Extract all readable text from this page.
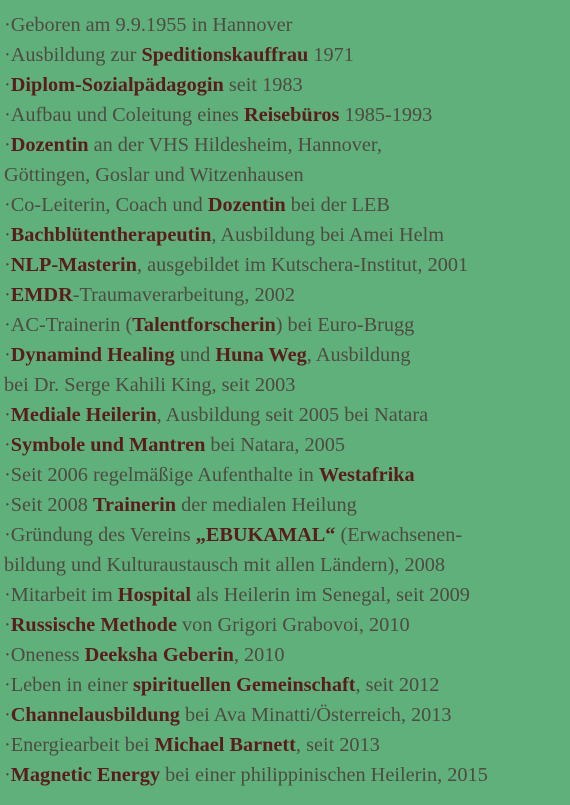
·Geboren am 9.9.1955 in Hannover
·Ausbildung zur Speditionskauffrau 1971
·Diplom-Sozialpädagogin seit 1983
·Aufbau und Coleitung eines Reisebüros 1985-1993
·Dozentin an der VHS Hildesheim, Hannover,
Göttingen, Goslar und Witzenhausen
·Co-Leiterin, Coach und Dozentin bei der LEB
·Bachblütentherapeutin, Ausbildung bei Amei Helm
·NLP-Masterin, ausgebildet im Kutschera-Institut, 2001
·EMDR-Traumaverarbeitung, 2002
·AC-Trainerin (Talentforscherin) bei Euro-Brugg
·Dynamind Healing und Huna Weg, Ausbildung
bei Dr. Serge Kahili King, seit 2003
·Mediale Heilerin, Ausbildung seit 2005 bei Natara
·Symbole und Mantren bei Natara, 2005
·Seit 2006 regelmäßige Aufenthalte in Westafrika
·Seit 2008 Trainerin der medialen Heilung
·Gründung des Vereins „EBUKAMAL“ (Erwachsenen-
bildung und Kulturaustausch mit allen Ländern), 2008
·Mitarbeit im Hospital als Heilerin im Senegal, seit 2009
·Russische Methode von Grigori Grabovoi, 2010
·Oneness Deeksha Geberin, 2010
·Leben in einer spirituellen Gemeinschaft, seit 2012
·Channelausbildung bei Ava Minatti/Österreich, 2013
·Energiearbeit bei Michael Barnett, seit 2013
·Magnetic Energy bei einer philippinischen Heilerin, 2015
